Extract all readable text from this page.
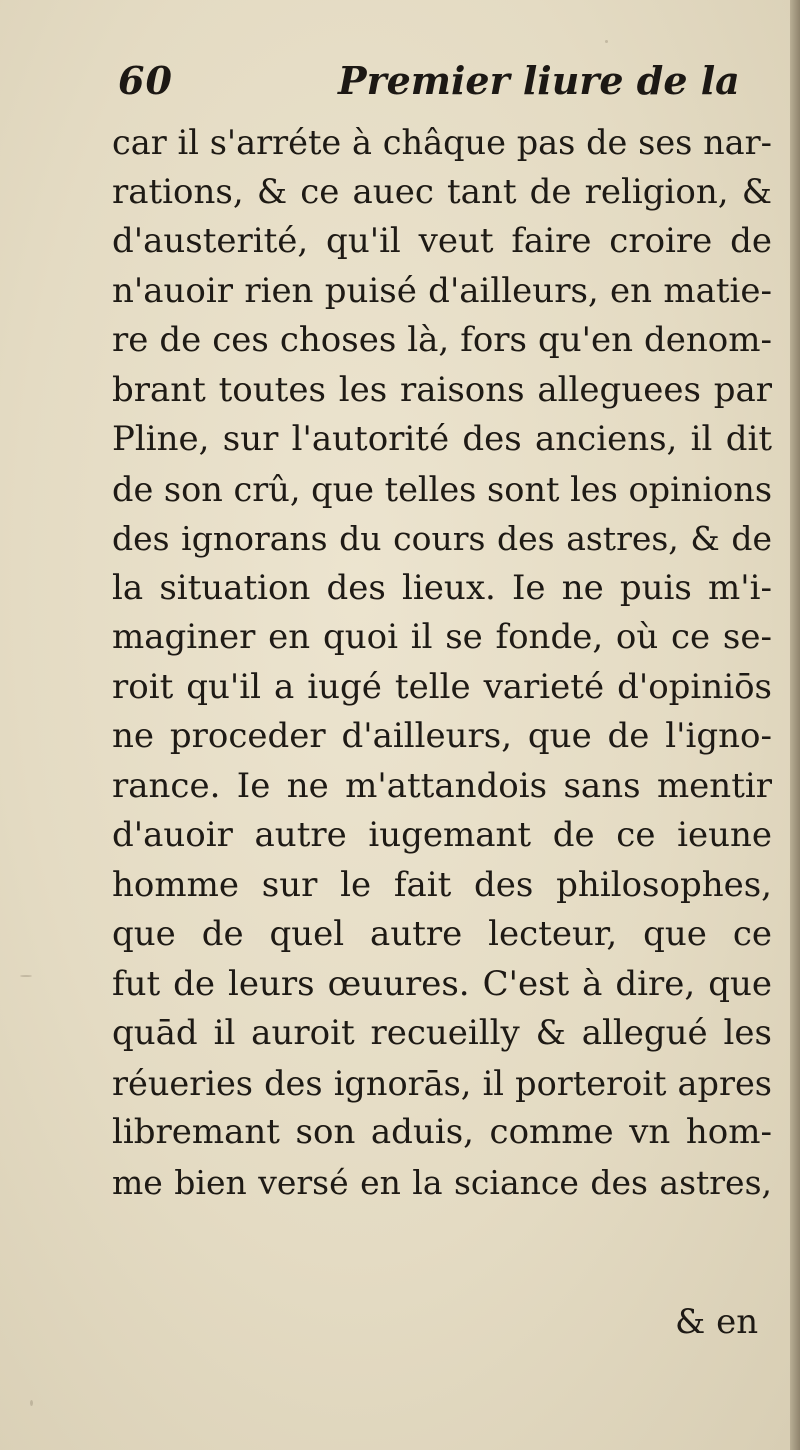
60	Premier liure de la
car il s'arréte à châque pas de ses nar-
rations, & ce auec tant de religion, &
d'austerité, qu'il veut faire croire de
n'auoir rien puisé d'ailleurs, en matie-
re de ces choses là, fors qu'en denom-
brant toutes les raisons alleguees par
Pline, sur l'autorité des anciens, il dit
de son crû, que telles sont les opinions
des ignorans du cours des astres, & de
la situation des lieux. Ie ne puis m'i-
maginer en quoi il se fonde, où ce se-
roit qu'il a iugé telle varieté d'opiniōs
ne proceder d'ailleurs, que de l'igno-
rance. Ie ne m'attandois sans mentir
d'auoir autre iugemant de ce ieune
homme sur le fait des philosophes,
que de quel autre lecteur, que ce
fut de leurs œuures. C'est à dire, que
quād il auroit recueilly & allegué les
réueries des ignorās, il porteroit apres
libremant son aduis, comme vn hom-
me bien versé en la sciance des astres,
& en
